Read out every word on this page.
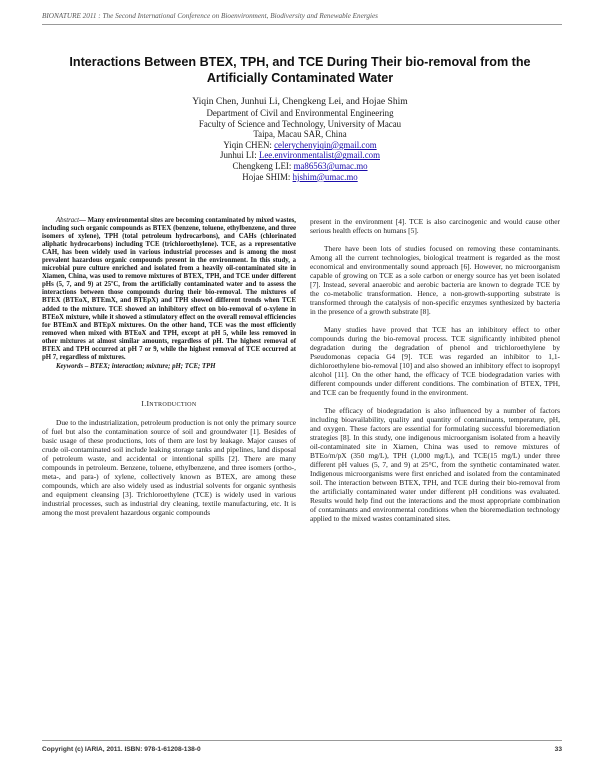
BIONATURE 2011 : The Second International Conference on Bioenvironment, Biodiversity and Renewable Energies
Interactions Between BTEX, TPH, and TCE During Their bio-removal from the Artificially Contaminated Water
Yiqin Chen, Junhui Li, Chengkeng Lei, and Hojae Shim
Department of Civil and Environmental Engineering
Faculty of Science and Technology, University of Macau
Taipa, Macau SAR, China
Yiqin CHEN: celerychenyiqin@gmail.com
Junhui LI: Lee.environmentalist@gmail.com
Chengkeng LEI: ma86563@umac.mo
Hojae SHIM: hjshim@umac.mo

Abstract— Many environmental sites are becoming contaminated by mixed wastes, including such organic compounds as BTEX (benzene, toluene, ethylbenzene, and three isomers of xylene), TPH (total petroleum hydrocarbons), and CAHs (chlorinated aliphatic hydrocarbons) including TCE (trichloroethylene). TCE, as a representative CAH, has been widely used in various industrial processes and is among the most prevalent hazardous organic compounds present in the environment. In this study, a microbial pure culture enriched and isolated from a heavily oil-contaminated site in Xiamen, China, was used to remove mixtures of BTEX, TPH, and TCE under different pHs (5, 7, and 9) at 25ºC, from the artificially contaminated water and to assess the interactions between those compounds during their bio-removal. The mixtures of BTEX (BTEoX, BTEmX, and BTEpX) and TPH showed different trends when TCE added to the mixture. TCE showed an inhibitory effect on bio-removal of o-xylene in BTEoX mixture, while it showed a stimulatory effect on the overall removal efficiencies for BTEmX and BTEpX mixtures. On the other hand, TCE was the most efficiently removed when mixed with BTEoX and TPH, except at pH 5, while less removed in other mixtures at almost similar amounts, regardless of pH. The highest removal of BTEX and TPH occurred at pH 7 or 9, while the highest removal of TCE occurred at pH 7, regardless of mixtures.

Keywords – BTEX; interaction; mixture; pH; TCE; TPH

I.INTRODUCTION

Due to the industrialization, petroleum production is not only the primary source of fuel but also the contamination source of soil and groundwater [1]. Besides of basic usage of these productions, lots of them are lost by leakage. Major causes of crude oil-contaminated soil include leaking storage tanks and pipelines, land disposal of petroleum waste, and accidental or intentional spills [2]. There are many compounds in petroleum. Benzene, toluene, ethylbenzene, and three isomers (ortho-, meta-, and para-) of xylene, collectively known as BTEX, are among these compounds, which are also widely used as industrial solvents for organic synthesis and equipment cleansing [3]. Trichloroethylene (TCE) is widely used in various industrial processes, such as industrial dry cleaning, textile manufacturing, etc. It is among the most prevalent hazardous organic compounds

present in the environment [4]. TCE is also carcinogenic and would cause other serious health effects on humans [5].

There have been lots of studies focused on removing these contaminants. Among all the current technologies, biological treatment is regarded as the most economical and environmentally sound approach [6]. However, no microorganism capable of growing on TCE as a sole carbon or energy source has yet been isolated [7]. Instead, several anaerobic and aerobic bacteria are known to degrade TCE by the co-metabolic transformation. Hence, a non-growth-supporting substrate is transformed through the catalysis of non-specific enzymes synthesized by bacteria in the presence of a growth substrate [8].

Many studies have proved that TCE has an inhibitory effect to other compounds during the bio-removal process. TCE significantly inhibited phenol degradation during the degradation of phenol and trichloroethylene by Pseudomonas cepacia G4 [9]. TCE was regarded an inhibitor to 1,1-dichloroethylene bio-removal [10] and also showed an inhibitory effect to isopropyl alcohol [11]. On the other hand, the efficacy of TCE biodegradation varies with different compounds under different conditions. The combination of BTEX, TPH, and TCE can be frequently found in the environment.

The efficacy of biodegradation is also influenced by a number of factors including bioavailability, quality and quantity of contaminants, temperature, pH, and oxygen. These factors are essential for formulating successful bioremediation strategies [8]. In this study, one indigenous microorganism isolated from a heavily oil-contaminated site in Xiamen, China was used to remove mixtures of BTEo/m/pX (350 mg/L), TPH (1,000 mg/L), and TCE(15 mg/L) under three different pH values (5, 7, and 9) at 25°C, from the synthetic contaminated water. Indigenous microorganisms were first enriched and isolated from the contaminated soil. The interaction between BTEX, TPH, and TCE during their bio-removal from the artificially contaminated water under different pH conditions was evaluated. Results would help find out the interactions and the most appropriate combination of contaminants and environmental conditions when the bioremediation technology applied to the mixed wastes contaminated sites.

Copyright (c) IARIA, 2011. ISBN: 978-1-61208-138-0	33
